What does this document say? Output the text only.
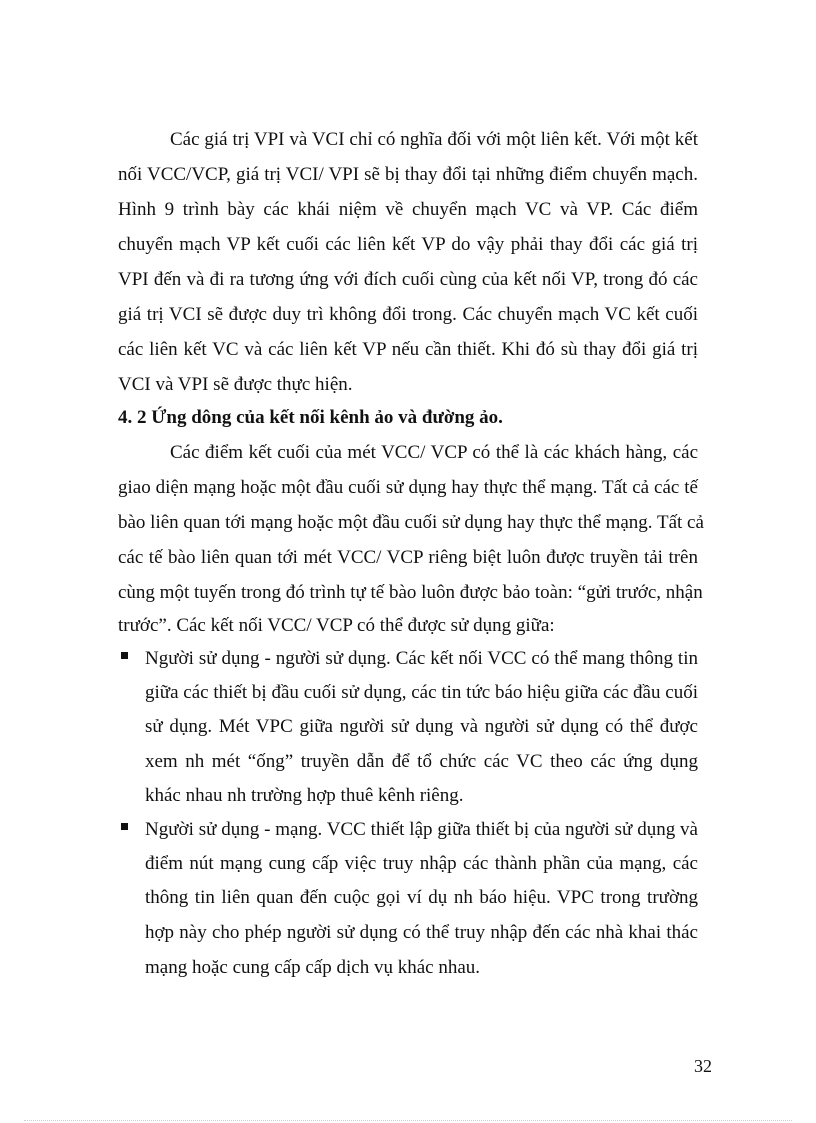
Các giá trị VPI và VCI chỉ có nghĩa đối với một liên kết. Với một kết
nối VCC/VCP, giá trị VCI/ VPI sẽ bị thay đổi tại những điểm chuyển mạch.
Hình 9 trình bày các khái niệm về chuyển mạch VC và VP. Các điểm
chuyển mạch VP kết cuối các liên kết VP do vậy phải thay đổi các giá trị
VPI đến và đi ra tương ứng với đích cuối cùng của kết nối VP, trong đó các
giá trị VCI sẽ được duy trì không đổi trong. Các chuyển mạch VC kết cuối
các liên kết VC và các liên kết VP nếu cần thiết. Khi đó sù thay đổi giá trị
VCI và VPI sẽ được thực hiện.
4. 2 Ứng dông của kết nối kênh ảo và đường ảo.
Các điểm kết cuối của mét VCC/ VCP có thể là các khách hàng, các
giao diện mạng hoặc một đầu cuối sử dụng hay thực thể mạng. Tất cả các tế
bào liên quan tới mạng hoặc một đầu cuối sử dụng hay thực thể mạng. Tất cả
các tế bào liên quan tới mét VCC/ VCP riêng biệt luôn được truyền tải trên
cùng một tuyến trong đó trình tự tế bào luôn được bảo toàn: “gửi trước, nhận
trước”. Các kết nối VCC/ VCP có thể được sử dụng giữa:
Người sử dụng - người sử dụng. Các kết nối VCC có thể mang thông tin
giữa các thiết bị đầu cuối sử dụng, các tin tức báo hiệu giữa các đầu cuối
sử dụng. Mét VPC giữa người sử dụng và người sử dụng có thể được
xem nh mét “ống” truyền dẫn để tổ chức các VC theo các ứng dụng
khác nhau nh trường hợp thuê kênh riêng.
Người sử dụng - mạng. VCC thiết lập giữa thiết bị của người sử dụng và
điểm nút mạng cung cấp việc truy nhập các thành phần của mạng, các
thông tin liên quan đến cuộc gọi ví dụ nh báo hiệu. VPC trong trường
hợp này cho phép người sử dụng có thể truy nhập đến các nhà khai thác
mạng hoặc cung cấp cấp dịch vụ khác nhau.
32
